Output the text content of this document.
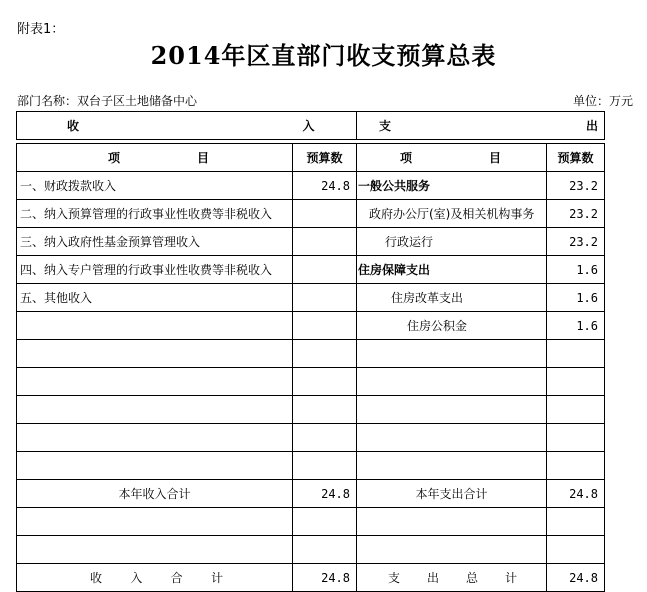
附表1：
2014年区直部门收支预算总表
部门名称：双台子区土地储备中心	单位：万元
收	入	支	出

项 目	预算数	项 目	预算数
一、财政拨款收入	24.8	一般公共服务	23.2
二、纳入预算管理的行政事业性收费等非税收入		政府办公厅(室)及相关机构事务	23.2
三、纳入政府性基金预算管理收入		行政运行	23.2
四、纳入专户管理的行政事业性收费等非税收入		住房保障支出	1.6
五、其他收入		住房改革支出	1.6
		住房公积金	1.6

本年收入合计	24.8	本年支出合计	24.8

收 入 合 计	24.8	支 出 总 计	24.8
